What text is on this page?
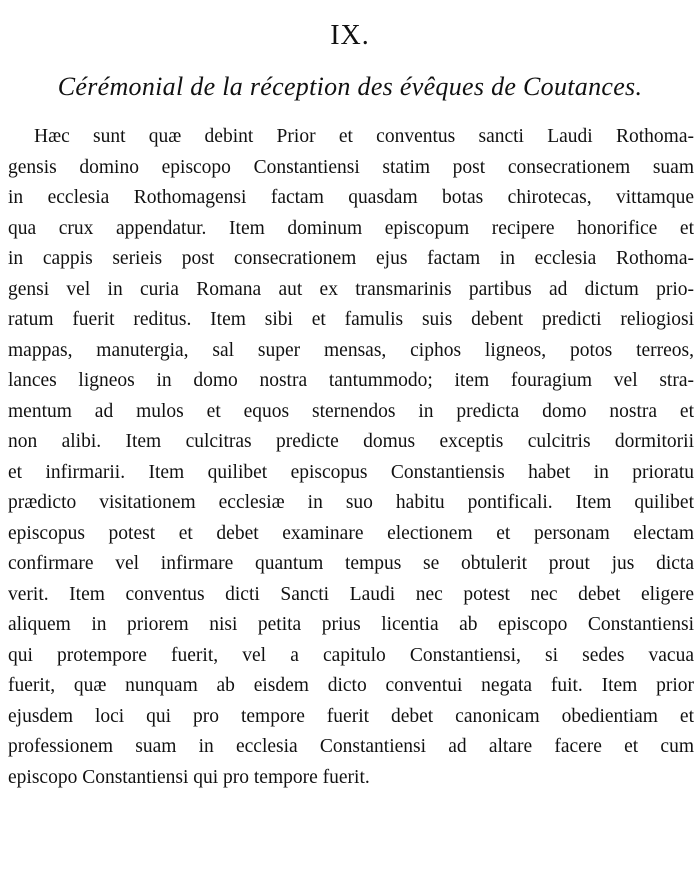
IX.
Cérémonial de la réception des évêques de Coutances.
Hæc sunt quæ debint Prior et conventus sancti Laudi Rothoma-
gensis domino episcopo Constantiensi statim post consecrationem suam
in ecclesia Rothomagensi factam quasdam botas chirotecas, vittamque
qua crux appendatur. Item dominum episcopum recipere honorifice et
in cappis serieis post consecrationem ejus factam in ecclesia Rothoma-
gensi vel in curia Romana aut ex transmarinis partibus ad dictum prio-
ratum fuerit reditus. Item sibi et famulis suis debent predicti reliogiosi
mappas, manutergia, sal super mensas, ciphos ligneos, potos terreos,
lances ligneos in domo nostra tantummodo; item fouragium vel stra-
mentum ad mulos et equos sternendos in predicta domo nostra et
non alibi. Item culcitras predicte domus exceptis culcitris dormitorii
et infirmarii. Item quilibet episcopus Constantiensis habet in prioratu
prædicto visitationem ecclesiæ in suo habitu pontificali. Item quilibet
episcopus potest et debet examinare electionem et personam electam
confirmare vel infirmare quantum tempus se obtulerit prout jus dicta
verit. Item conventus dicti Sancti Laudi nec potest nec debet eligere
aliquem in priorem nisi petita prius licentia ab episcopo Constantiensi
qui protempore fuerit, vel a capitulo Constantiensi, si sedes vacua
fuerit, quæ nunquam ab eisdem dicto conventui negata fuit. Item prior
ejusdem loci qui pro tempore fuerit debet canonicam obedientiam et
professionem suam in ecclesia Constantiensi ad altare facere et cum
episcopo Constantiensi qui pro tempore fuerit.
